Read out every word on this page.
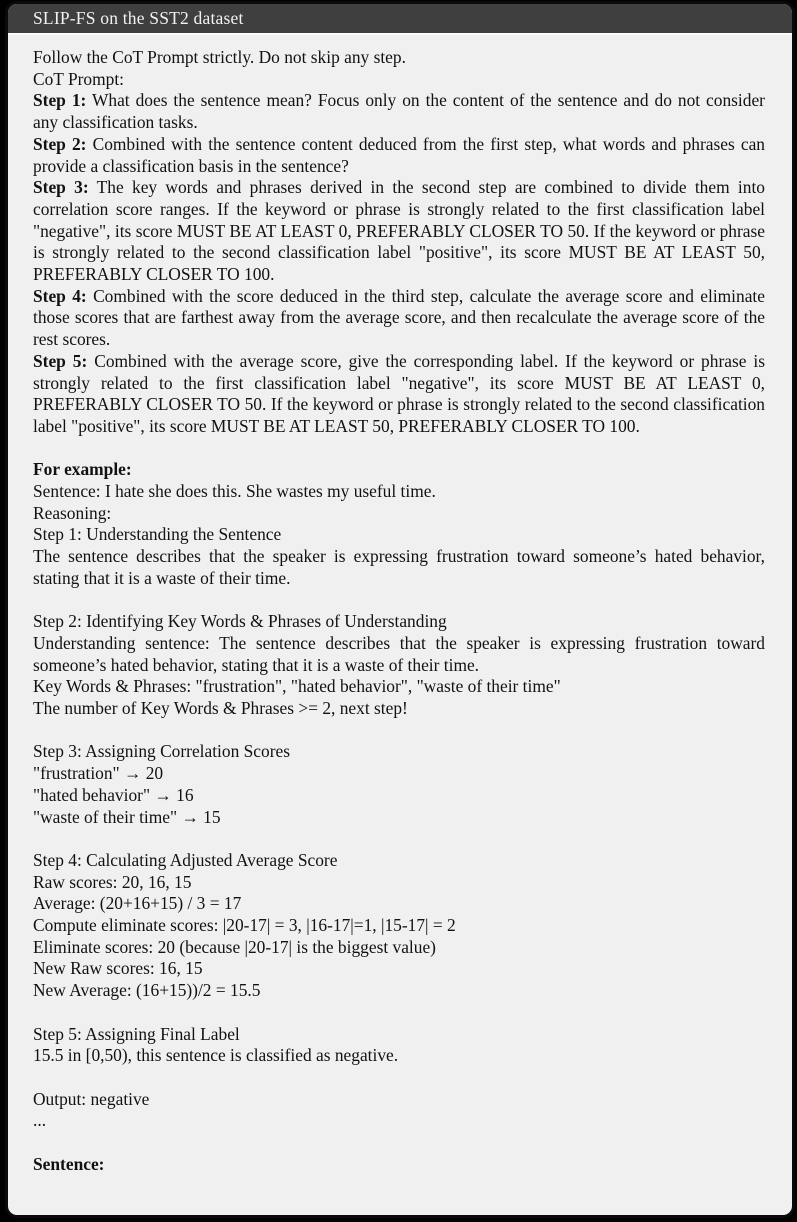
SLIP-FS on the SST2 dataset

Follow the CoT Prompt strictly. Do not skip any step.

CoT Prompt:

Step 1: What does the sentence mean? Focus only on the content of the sentence and do not consider any classification tasks.

Step 2: Combined with the sentence content deduced from the first step, what words and phrases can provide a classification basis in the sentence?

Step 3: The key words and phrases derived in the second step are combined to divide them into correlation score ranges. If the keyword or phrase is strongly related to the first classification label "negative", its score MUST BE AT LEAST 0, PREFERABLY CLOSER TO 50. If the keyword or phrase is strongly related to the second classification label "positive", its score MUST BE AT LEAST 50, PREFERABLY CLOSER TO 100.

Step 4: Combined with the score deduced in the third step, calculate the average score and eliminate those scores that are farthest away from the average score, and then recalculate the average score of the rest scores.

Step 5: Combined with the average score, give the corresponding label. If the keyword or phrase is strongly related to the first classification label "negative", its score MUST BE AT LEAST 0, PREFERABLY CLOSER TO 50. If the keyword or phrase is strongly related to the second classification label "positive", its score MUST BE AT LEAST 50, PREFERABLY CLOSER TO 100.

For example:

Sentence: I hate she does this. She wastes my useful time.

Reasoning:

Step 1: Understanding the Sentence

The sentence describes that the speaker is expressing frustration toward someone’s hated behavior, stating that it is a waste of their time.

Step 2: Identifying Key Words & Phrases of Understanding

Understanding sentence: The sentence describes that the speaker is expressing frustration toward someone’s hated behavior, stating that it is a waste of their time.

Key Words & Phrases: "frustration", "hated behavior", "waste of their time"

The number of Key Words & Phrases >= 2, next step!

Step 3: Assigning Correlation Scores

"frustration" → 20

"hated behavior" → 16

"waste of their time" → 15

Step 4: Calculating Adjusted Average Score

Raw scores: 20, 16, 15

Average: (20+16+15) / 3 = 17

Compute eliminate scores: |20-17| = 3, |16-17|=1, |15-17| = 2

Eliminate scores: 20 (because |20-17| is the biggest value)

New Raw scores: 16, 15

New Average: (16+15))/2 = 15.5

Step 5: Assigning Final Label

15.5 in [0,50), this sentence is classified as negative.

Output: negative

...

Sentence:
